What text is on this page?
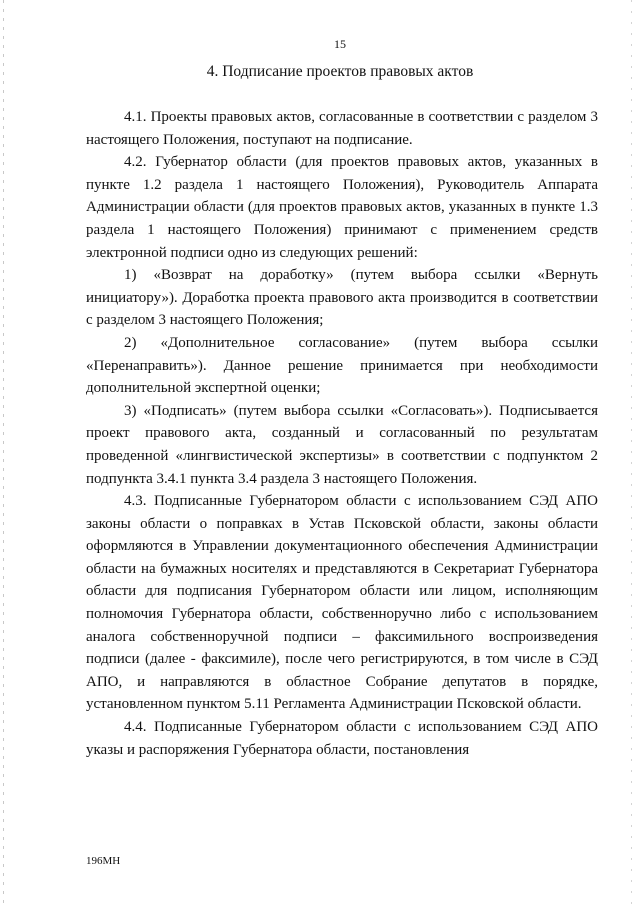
15
4. Подписание проектов правовых актов

4.1. Проекты правовых актов, согласованные в соответствии с разделом 3 настоящего Положения, поступают на подписание.

4.2. Губернатор области (для проектов правовых актов, указанных в пункте 1.2 раздела 1 настоящего Положения), Руководитель Аппарата Администрации области (для проектов правовых актов, указанных в пункте 1.3 раздела 1 настоящего Положения) принимают с применением средств электронной подписи одно из следующих решений:

1) «Возврат на доработку» (путем выбора ссылки «Вернуть инициатору»). Доработка проекта правового акта производится в соответствии с разделом 3 настоящего Положения;

2) «Дополнительное согласование» (путем выбора ссылки «Перенаправить»). Данное решение принимается при необходимости дополнительной экспертной оценки;

3) «Подписать» (путем выбора ссылки «Согласовать»). Подписывается проект правового акта, созданный и согласованный по результатам проведенной «лингвистической экспертизы» в соответствии с подпунктом 2 подпункта 3.4.1 пункта 3.4 раздела 3 настоящего Положения.

4.3. Подписанные Губернатором области с использованием СЭД АПО законы области о поправках в Устав Псковской области, законы области оформляются в Управлении документационного обеспечения Администрации области на бумажных носителях и представляются в Секретариат Губернатора области для подписания Губернатором области или лицом, исполняющим полномочия Губернатора области, собственноручно либо с использованием аналога собственноручной подписи – факсимильного воспроизведения подписи (далее - факсимиле), после чего регистрируются, в том числе в СЭД АПО, и направляются в областное Собрание депутатов в порядке, установленном пунктом 5.11 Регламента Администрации Псковской области.

4.4. Подписанные Губернатором области с использованием СЭД АПО указы и распоряжения Губернатора области, постановления

196МН
